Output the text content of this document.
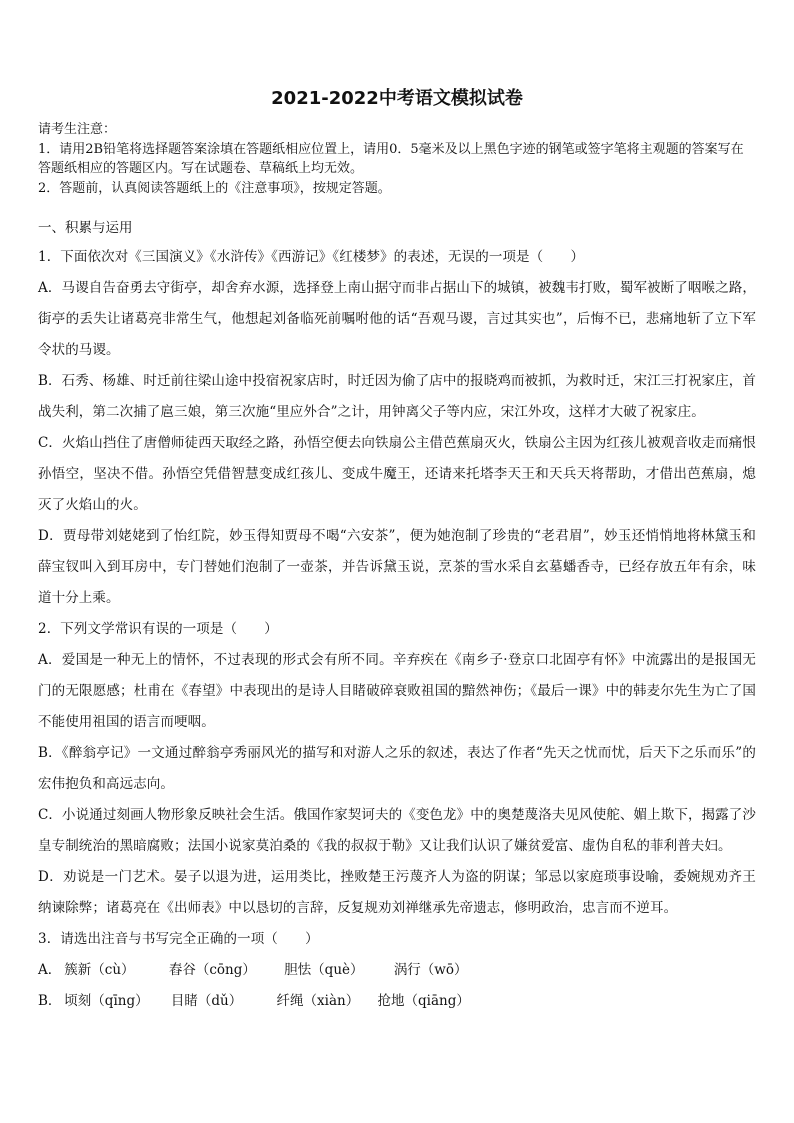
2021-2022中考语文模拟试卷

请考生注意：

1．请用2B铅笔将选择题答案涂填在答题纸相应位置上，请用0．5毫米及以上黑色字迹的钢笔或签字笔将主观题的答案写在答题纸相应的答题区内。写在试题卷、草稿纸上均无效。

2．答题前，认真阅读答题纸上的《注意事项》，按规定答题。

一、积累与运用

1．下面依次对《三国演义》《水浒传》《西游记》《红楼梦》的表述，无误的一项是（　　）

A．马谡自告奋勇去守街亭，却舍弃水源，选择登上南山据守而非占据山下的城镇，被魏韦打败，蜀军被断了咽喉之路，街亭的丢失让诸葛亮非常生气，他想起刘备临死前嘱咐他的话“吾观马谡，言过其实也”，后悔不已，悲痛地斩了立下军令状的马谡。

B．石秀、杨雄、时迁前往梁山途中投宿祝家店时，时迁因为偷了店中的报晓鸡而被抓，为救时迁，宋江三打祝家庄，首战失利，第二次捕了扈三娘，第三次施“里应外合”之计，用钟离父子等内应，宋江外攻，这样才大破了祝家庄。

C．火焰山挡住了唐僧师徒西天取经之路，孙悟空便去向铁扇公主借芭蕉扇灭火，铁扇公主因为红孩儿被观音收走而痛恨孙悟空，坚决不借。孙悟空凭借智慧变成红孩儿、变成牛魔王，还请来托塔李天王和天兵天将帮助，才借出芭蕉扇，熄灭了火焰山的火。

D．贾母带刘姥姥到了怡红院，妙玉得知贾母不喝“六安茶”，便为她泡制了珍贵的“老君眉”，妙玉还悄悄地将林黛玉和薛宝钗叫入到耳房中，专门替她们泡制了一壶茶，并告诉黛玉说，烹茶的雪水采自玄墓蟠香寺，已经存放五年有余，味道十分上乘。

2．下列文学常识有误的一项是（　　）

A．爱国是一种无上的情怀，不过表现的形式会有所不同。辛弃疾在《南乡子·登京口北固亭有怀》中流露出的是报国无门的无限愿感；杜甫在《春望》中表现出的是诗人目睹破碎衰败祖国的黯然神伤；《最后一课》中的韩麦尔先生为亡了国不能使用祖国的语言而哽咽。

B．《醉翁亭记》一文通过醉翁亭秀丽风光的描写和对游人之乐的叙述，表达了作者“先天之忧而忧，后天下之乐而乐”的宏伟抱负和高远志向。

C．小说通过刻画人物形象反映社会生活。俄国作家契诃夫的《变色龙》中的奥楚蔑洛夫见风使舵、媚上欺下，揭露了沙皇专制统治的黑暗腐败；法国小说家莫泊桑的《我的叔叔于勒》又让我们认识了嫌贫爱富、虚伪自私的菲利普夫妇。

D．劝说是一门艺术。晏子以退为进，运用类比，挫败楚王污蔑齐人为盗的阴谋；邹忌以家庭琐事设喻，委婉规劝齐王纳谏除弊；诸葛亮在《出师表》中以恳切的言辞，反复规劝刘禅继承先帝遗志，修明政治，忠言而不逆耳。

3．请选出注音与书写完全正确的一项（　　）

A． 簇新（cù）	舂谷（cōng） 胆怯（què） 涡行（wō）

B． 顷刻（qīng） 目睹（dǔ）	纤绳（xiàn） 抢地（qiāng）
